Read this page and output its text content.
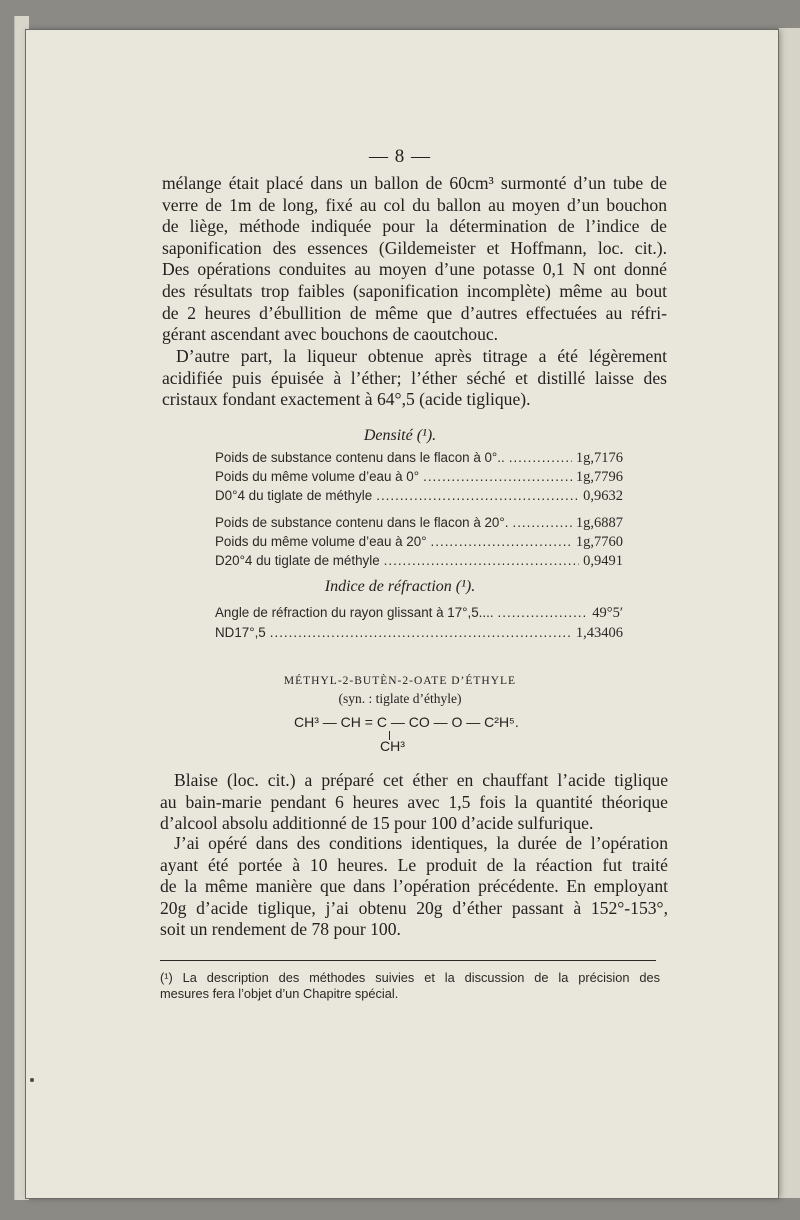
— 8 —

mélange était placé dans un ballon de 60cm³ surmonté d’un tube de
verre de 1m de long, fixé au col du ballon au moyen d’un bouchon
de liège, méthode indiquée pour la détermination de l’indice de
saponification des essences (Gildemeister et Hoffmann, loc. cit.).
Des opérations conduites au moyen d’une potasse 0,1 N ont donné
des résultats trop faibles (saponification incomplète) même au bout
de 2 heures d’ébullition de même que d’autres effectuées au réfri-
gérant ascendant avec bouchons de caoutchouc.

D’autre part, la liqueur obtenue après titrage a été légèrement
acidifiée puis épuisée à l’éther; l’éther séché et distillé laisse des
cristaux fondant exactement à 64°,5 (acide tiglique).

Densité (¹).
Poids de substance contenu dans le flacon à 0°.. .....	1g,7176
Poids du même volume d’eau à 0° .....	1g,7796
D0°4 du tiglate de méthyle .....	0,9632
Poids de substance contenu dans le flacon à 20°. .....	1g,6887
Poids du même volume d’eau à 20° .....	1g,7760
D20°4 du tiglate de méthyle .....	0,9491
Indice de réfraction (¹).
Angle de réfraction du rayon glissant à 17°,5.... .....	49°5′
ND17°,5 .....	1,43406
MÉTHYL-2-BUTÈN-2-OATE D’ÉTHYLE
(syn. : tiglate d’éthyle)
CH³ — CH = C — CO — O — C²H⁵.
CH³

Blaise (loc. cit.) a préparé cet éther en chauffant l’acide tiglique
au bain-marie pendant 6 heures avec 1,5 fois la quantité théorique
d’alcool absolu additionné de 15 pour 100 d’acide sulfurique.

J’ai opéré dans des conditions identiques, la durée de l’opération
ayant été portée à 10 heures. Le produit de la réaction fut traité
de la même manière que dans l’opération précédente. En employant
20g d’acide tiglique, j’ai obtenu 20g d’éther passant à 152°-153°,
soit un rendement de 78 pour 100.

(¹) La description des méthodes suivies et la discussion de la précision des
mesures fera l’objet d’un Chapitre spécial.
